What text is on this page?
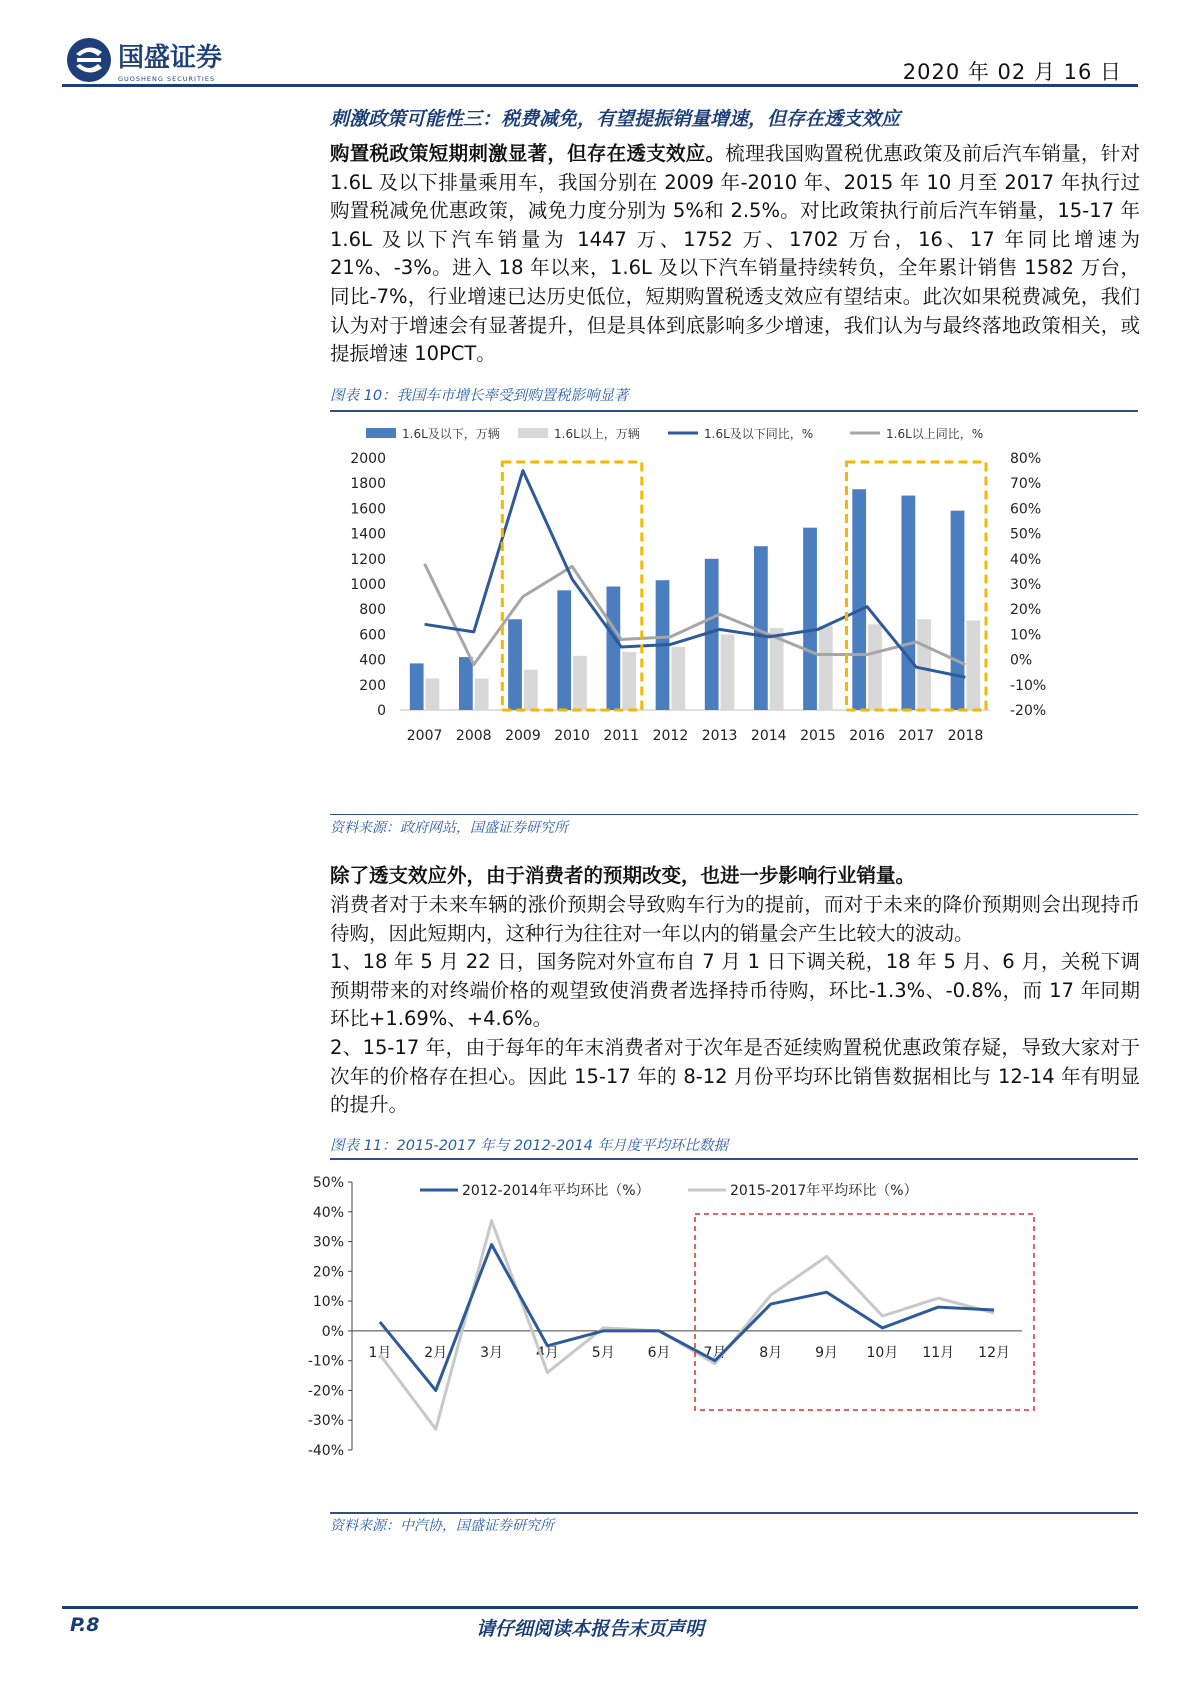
国盛证券
GUOSHENG SECURITIES	2020 年 02 月 16 日
刺激政策可能性三：税费减免，有望提振销量增速，但存在透支效应
购置税政策短期刺激显著，但存在透支效应。梳理我国购置税优惠政策及前后汽车销量，针对 1.6L 及以下排量乘用车，我国分别在 2009 年-2010 年、2015 年 10 月至 2017 年执行过购置税减免优惠政策，减免力度分别为 5%和 2.5%。对比政策执行前后汽车销量，15-17 年 1.6L 及以下汽车销量为 1447 万、1752 万、1702 万台，16、17 年同比增速为 21%、-3%。进入 18 年以来，1.6L 及以下汽车销量持续转负，全年累计销售 1582 万台，同比-7%，行业增速已达历史低位，短期购置税透支效应有望结束。此次如果税费减免，我们认为对于增速会有显著提升，但是具体到底影响多少增速，我们认为与最终落地政策相关，或提振增速 10PCT。
图表 10：我国车市增长率受到购置税影响显著
1.6L及以下，万辆	1.6L以上，万辆	1.6L及以下同比，%	1.6L以上同比，%
0
200
400
600
800
1000
1200
1400
1600
1800
2000
-20%
-10%
0%
10%
20%
30%
40%
50%
60%
70%
80%
2007 2008 2009 2010 2011 2012 2013 2014 2015 2016 2017 2018
资料来源：政府网站，国盛证券研究所
除了透支效应外，由于消费者的预期改变，也进一步影响行业销量。
消费者对于未来车辆的涨价预期会导致购车行为的提前，而对于未来的降价预期则会出现持币待购，因此短期内，这种行为往往对一年以内的销量会产生比较大的波动。
1、18 年 5 月 22 日，国务院对外宣布自 7 月 1 日下调关税，18 年 5 月、6 月，关税下调预期带来的对终端价格的观望致使消费者选择持币待购，环比-1.3%、-0.8%，而 17 年同期环比+1.69%、+4.6%。
2、15-17 年，由于每年的年末消费者对于次年是否延续购置税优惠政策存疑，导致大家对于次年的价格存在担心。因此 15-17 年的 8-12 月份平均环比销售数据相比与 12-14 年有明显的提升。
图表 11：2015-2017 年与 2012-2014 年月度平均环比数据
-40%
-30%
-20%
-10%
0%
10%
20%
30%
40%
50%
1月 2月 3月 4月 5月 6月 7月 8月 9月 10月 11月 12月
2012-2014年平均环比（%）	2015-2017年平均环比（%）
资料来源：中汽协，国盛证券研究所
P.8	请仔细阅读本报告末页声明
